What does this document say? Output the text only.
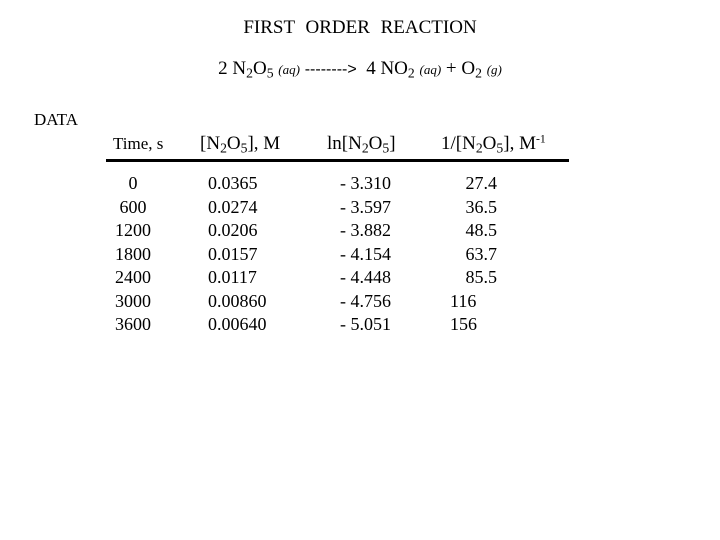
FIRST ORDER REACTION
2 $N_2O_5$ (aq) --------> 4 $NO_2$ $(aq) + O_2$ (g)
DATA
Time, s $[N_2O_5]$, M $\ln[N_2O_5]$ $1/[N_2O_5]$, $M^{-1}$
0
600
1200
1800
2400
3000
3600
0.0365
0.0274
0.0206
0.0157
0.0117
0.00860
0.00640
- 3.310
- 3.597
- 3.882
- 4.154
- 4.448
- 4.756
- 5.051
27.4
36.5
48.5
63.7
85.5
116
156
